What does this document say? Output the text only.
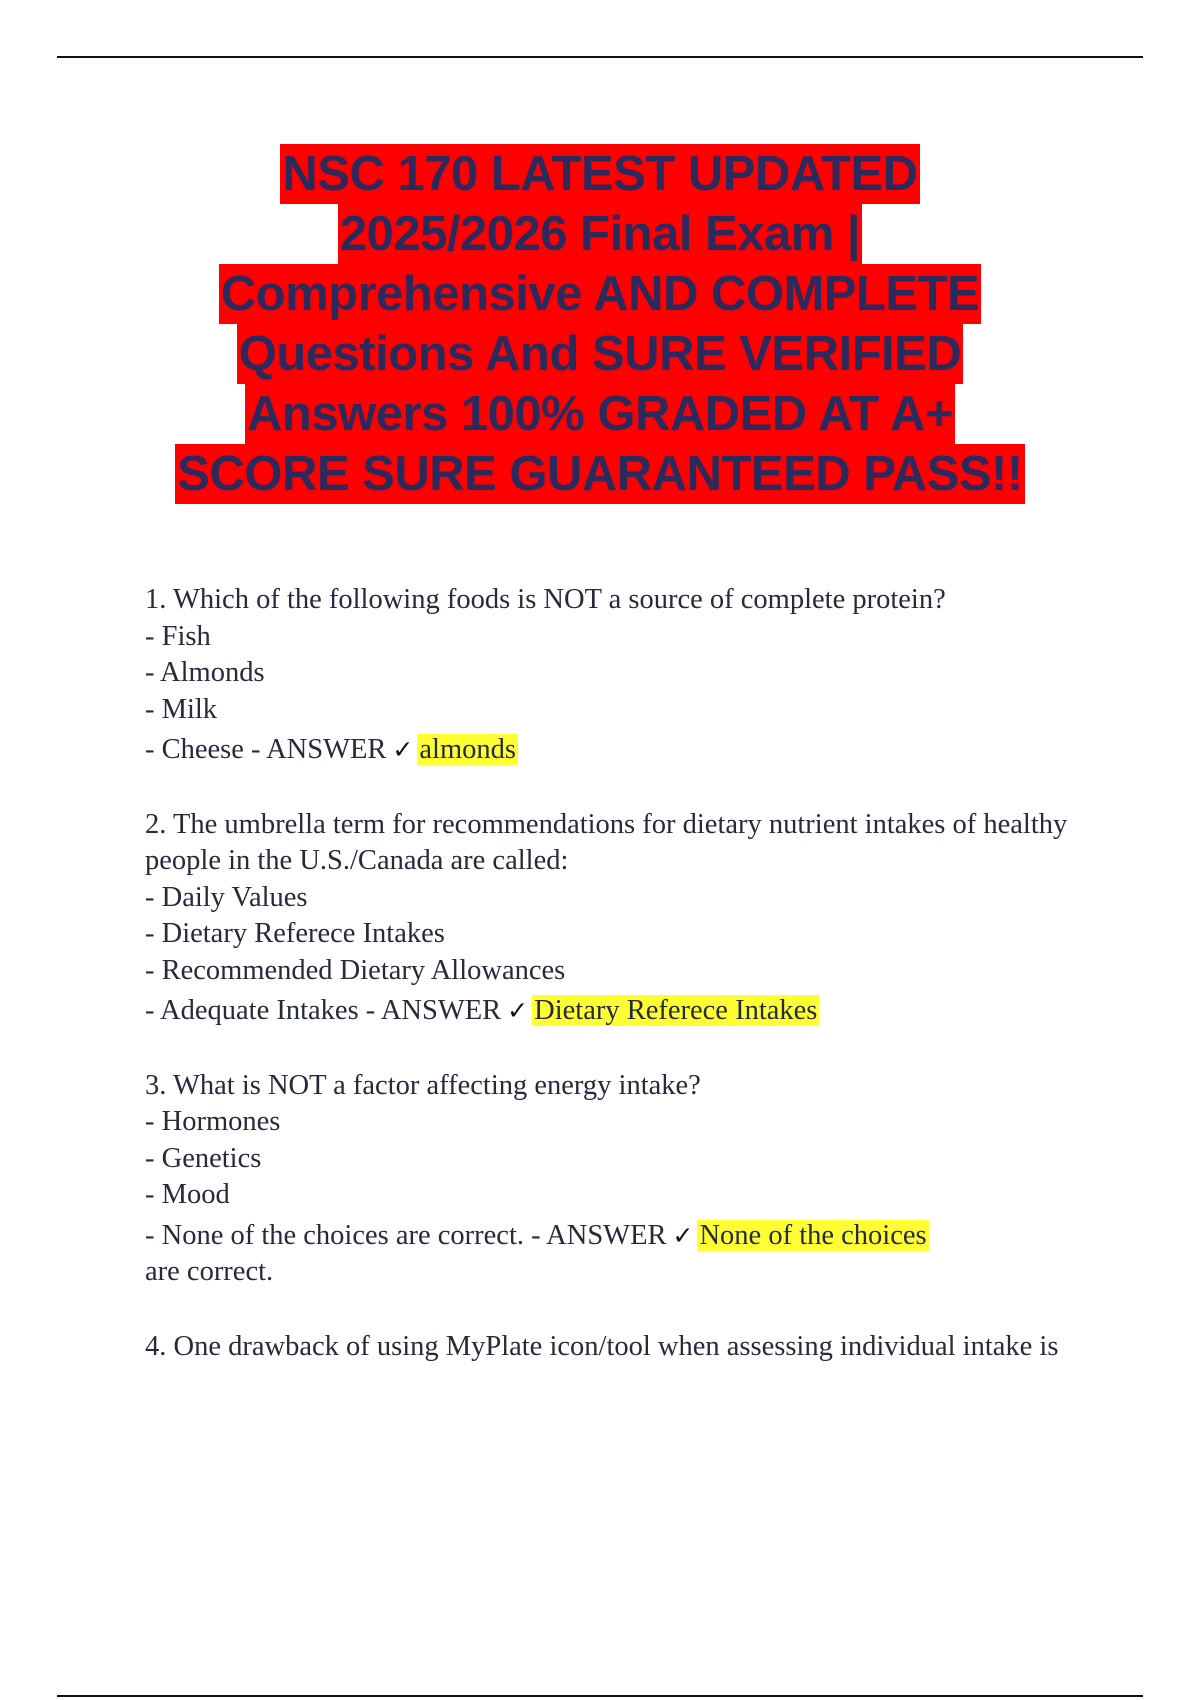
NSC 170 LATEST UPDATED
2025/2026 Final Exam |
Comprehensive AND COMPLETE
Questions And SURE VERIFIED
Answers 100% GRADED AT A+
SCORE SURE GUARANTEED PASS!!
1. Which of the following foods is NOT a source of complete protein?
- Fish
- Almonds
- Milk
- Cheese - ANSWER ✓ almonds
2. The umbrella term for recommendations for dietary nutrient intakes of healthy people in the U.S./Canada are called:
- Daily Values
- Dietary Referece Intakes
- Recommended Dietary Allowances
- Adequate Intakes - ANSWER ✓ Dietary Referece Intakes
3. What is NOT a factor affecting energy intake?
- Hormones
- Genetics
- Mood
- None of the choices are correct. - ANSWER ✓ None of the choices
are correct.
4. One drawback of using MyPlate icon/tool when assessing individual intake is
